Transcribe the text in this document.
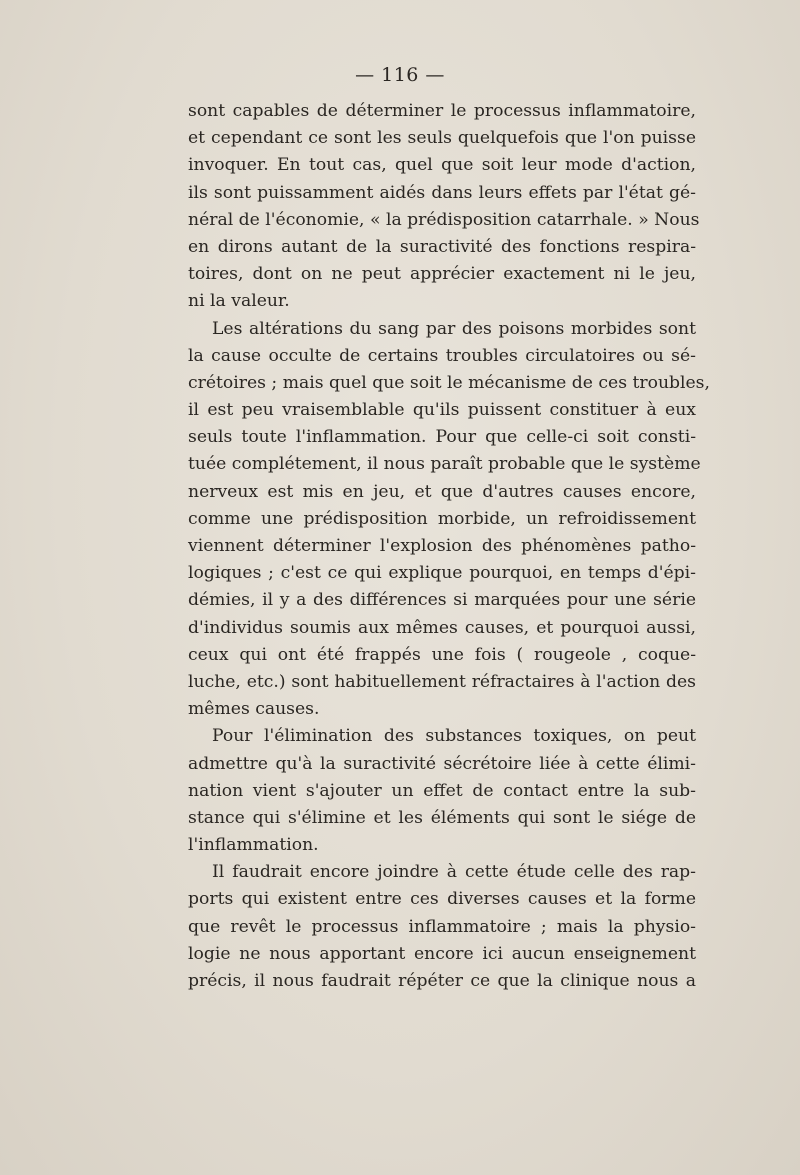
— 116 —
sont capables de déterminer le processus inflammatoire,
et cependant ce sont les seuls quelquefois que l'on puisse
invoquer. En tout cas, quel que soit leur mode d'action,
ils sont puissamment aidés dans leurs effets par l'état gé-
néral de l'économie, « la prédisposition catarrhale. » Nous
en dirons autant de la suractivité des fonctions respira-
toires, dont on ne peut apprécier exactement ni le jeu,
ni la valeur.
Les altérations du sang par des poisons morbides sont
la cause occulte de certains troubles circulatoires ou sé-
crétoires ; mais quel que soit le mécanisme de ces troubles,
il est peu vraisemblable qu'ils puissent constituer à eux
seuls toute l'inflammation. Pour que celle-ci soit consti-
tuée complétement, il nous paraît probable que le système
nerveux est mis en jeu, et que d'autres causes encore,
comme une prédisposition morbide, un refroidissement
viennent déterminer l'explosion des phénomènes patho-
logiques ; c'est ce qui explique pourquoi, en temps d'épi-
démies, il y a des différences si marquées pour une série
d'individus soumis aux mêmes causes, et pourquoi aussi,
ceux qui ont été frappés une fois ( rougeole , coque-
luche, etc.) sont habituellement réfractaires à l'action des
mêmes causes.
Pour l'élimination des substances toxiques, on peut
admettre qu'à la suractivité sécrétoire liée à cette élimi-
nation vient s'ajouter un effet de contact entre la sub-
stance qui s'élimine et les éléments qui sont le siége de
l'inflammation.
Il faudrait encore joindre à cette étude celle des rap-
ports qui existent entre ces diverses causes et la forme
que revêt le processus inflammatoire ; mais la physio-
logie ne nous apportant encore ici aucun enseignement
précis, il nous faudrait répéter ce que la clinique nous a
